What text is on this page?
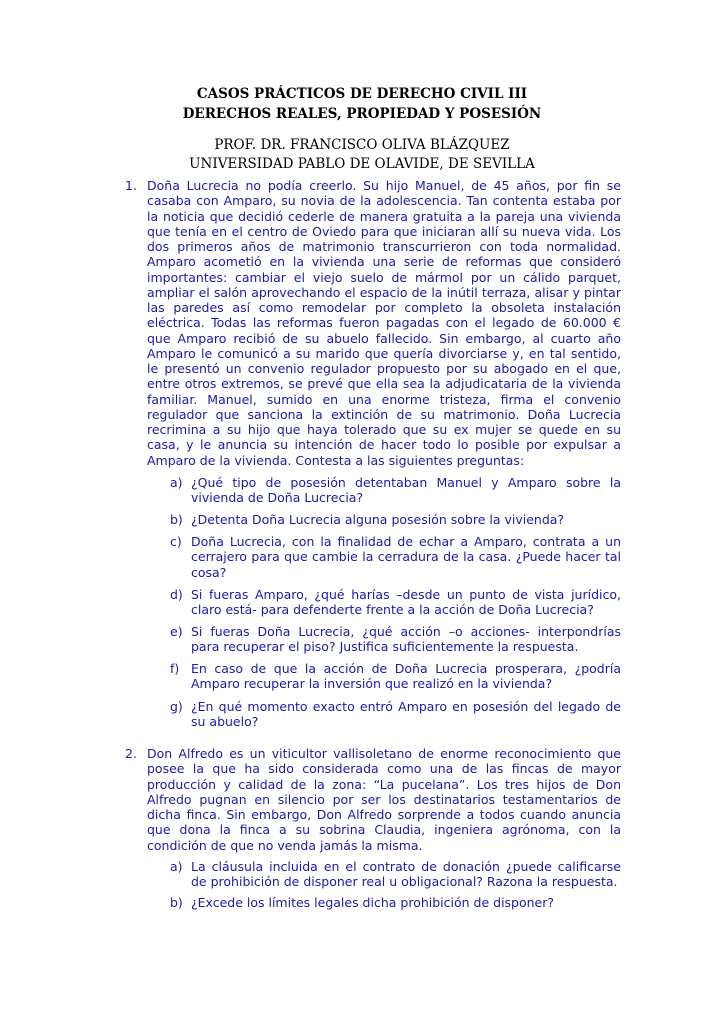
CASOS PRÁCTICOS DE DERECHO CIVIL III
DERECHOS REALES, PROPIEDAD Y POSESIÓN
PROF. DR. FRANCISCO OLIVA BLÁZQUEZ
UNIVERSIDAD PABLO DE OLAVIDE, DE SEVILLA
1. Doña Lucrecia no podía creerlo. Su hijo Manuel, de 45 años, por fin se casaba con Amparo, su novia de la adolescencia. Tan contenta estaba por la noticia que decidió cederle de manera gratuita a la pareja una vivienda que tenía en el centro de Oviedo para que iniciaran allí su nueva vida. Los dos primeros años de matrimonio transcurrieron con toda normalidad. Amparo acometió en la vivienda una serie de reformas que consideró importantes: cambiar el viejo suelo de mármol por un cálido parquet, ampliar el salón aprovechando el espacio de la inútil terraza, alisar y pintar las paredes así como remodelar por completo la obsoleta instalación eléctrica. Todas las reformas fueron pagadas con el legado de 60.000 € que Amparo recibió de su abuelo fallecido. Sin embargo, al cuarto año Amparo le comunicó a su marido que quería divorciarse y, en tal sentido, le presentó un convenio regulador propuesto por su abogado en el que, entre otros extremos, se prevé que ella sea la adjudicataria de la vivienda familiar. Manuel, sumido en una enorme tristeza, firma el convenio regulador que sanciona la extinción de su matrimonio. Doña Lucrecia recrimina a su hijo que haya tolerado que su ex mujer se quede en su casa, y le anuncia su intención de hacer todo lo posible por expulsar a Amparo de la vivienda. Contesta a las siguientes preguntas:
a) ¿Qué tipo de posesión detentaban Manuel y Amparo sobre la vivienda de Doña Lucrecia?
b) ¿Detenta Doña Lucrecia alguna posesión sobre la vivienda?
c) Doña Lucrecia, con la finalidad de echar a Amparo, contrata a un cerrajero para que cambie la cerradura de la casa. ¿Puede hacer tal cosa?
d) Si fueras Amparo, ¿qué harías –desde un punto de vista jurídico, claro está- para defenderte frente a la acción de Doña Lucrecia?
e) Si fueras Doña Lucrecia, ¿qué acción –o acciones- interpondrías para recuperar el piso? Justifica suficientemente la respuesta.
f) En caso de que la acción de Doña Lucrecia prosperara, ¿podría Amparo recuperar la inversión que realizó en la vivienda?
g) ¿En qué momento exacto entró Amparo en posesión del legado de su abuelo?
2. Don Alfredo es un viticultor vallisoletano de enorme reconocimiento que posee la que ha sido considerada como una de las fincas de mayor producción y calidad de la zona: “La pucelana”. Los tres hijos de Don Alfredo pugnan en silencio por ser los destinatarios testamentarios de dicha finca. Sin embargo, Don Alfredo sorprende a todos cuando anuncia que dona la finca a su sobrina Claudia, ingeniera agrónoma, con la condición de que no venda jamás la misma.
a) La cláusula incluida en el contrato de donación ¿puede calificarse de prohibición de disponer real u obligacional? Razona la respuesta.
b) ¿Excede los límites legales dicha prohibición de disponer?
